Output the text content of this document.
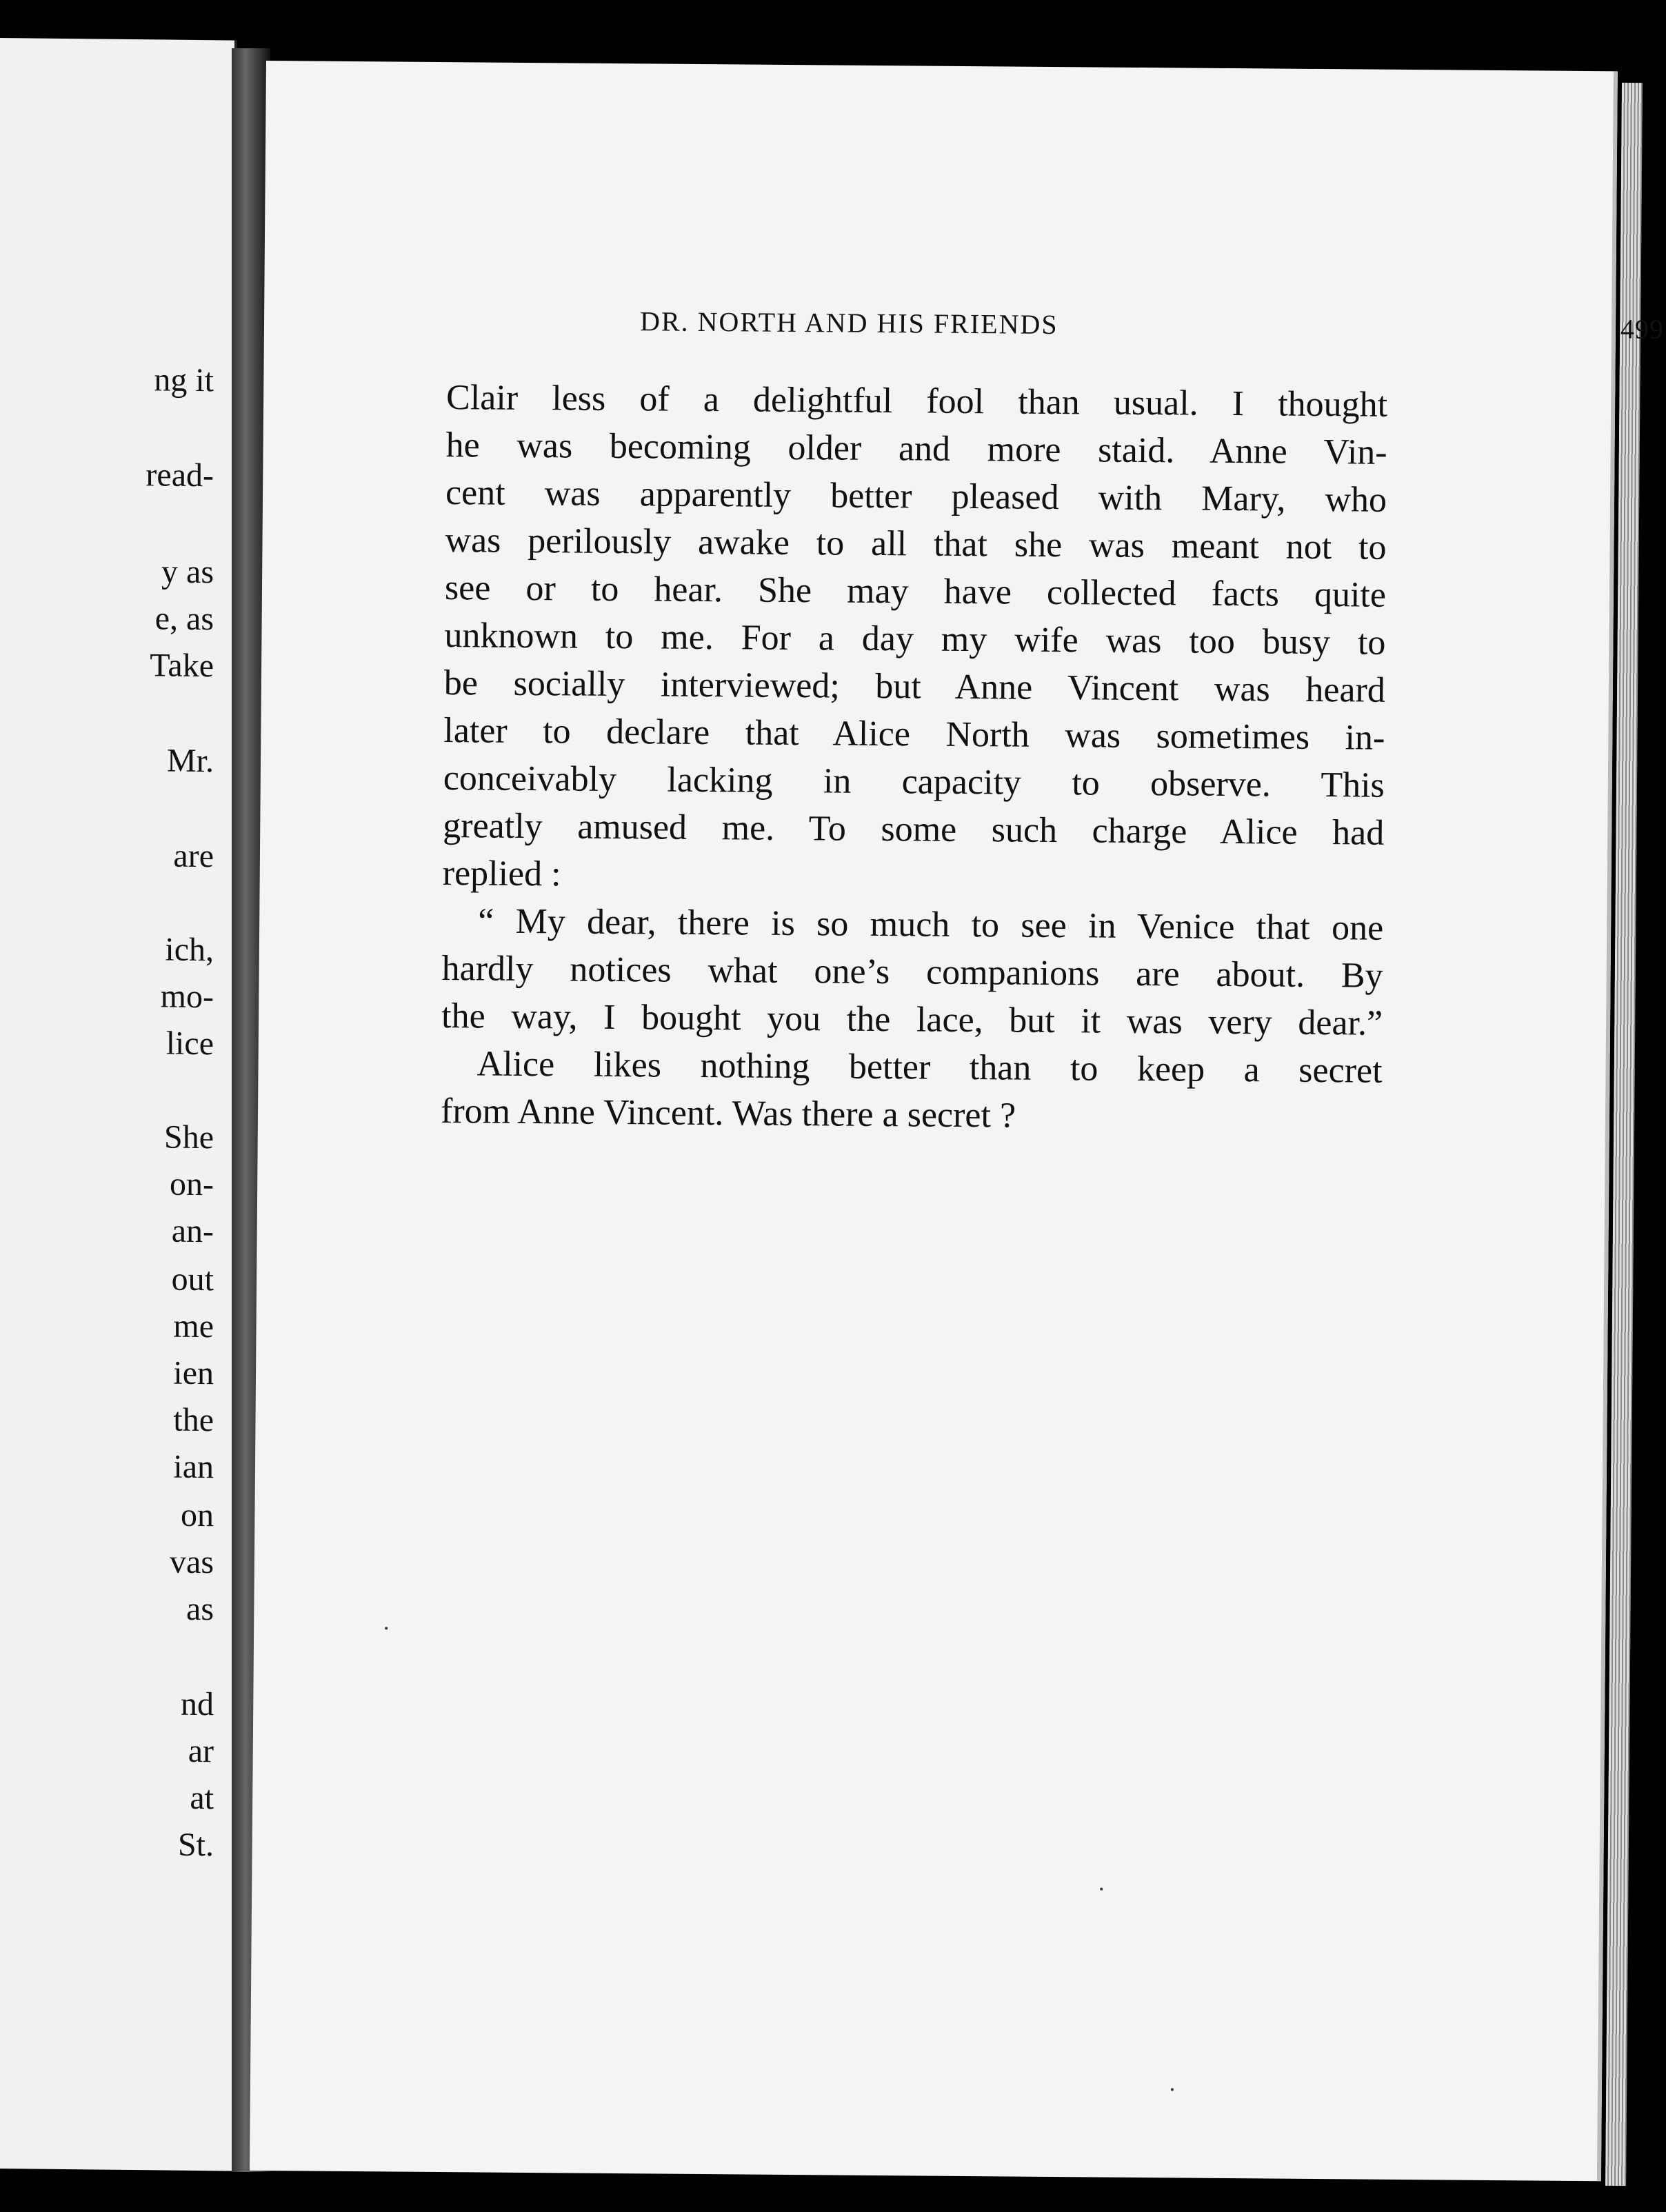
ng it
read-
y as
e, as
Take
Mr.
are
ich,
mo-
lice
She
on-
an-
out
me
ien
the
ian
on
vas
as
nd
ar
at
St.
DR. NORTH AND HIS FRIENDS	499
Clair less of a delightful fool than usual. I thought
he was becoming older and more staid. Anne Vin-
cent was apparently better pleased with Mary, who
was perilously awake to all that she was meant not to
see or to hear. She may have collected facts quite
unknown to me. For a day my wife was too busy to
be socially interviewed; but Anne Vincent was heard
later to declare that Alice North was sometimes in-
conceivably lacking in capacity to observe. This
greatly amused me. To some such charge Alice had
replied :
“ My dear, there is so much to see in Venice that one
hardly notices what one’s companions are about. By
the way, I bought you the lace, but it was very dear.”
Alice likes nothing better than to keep a secret
from Anne Vincent. Was there a secret ?
